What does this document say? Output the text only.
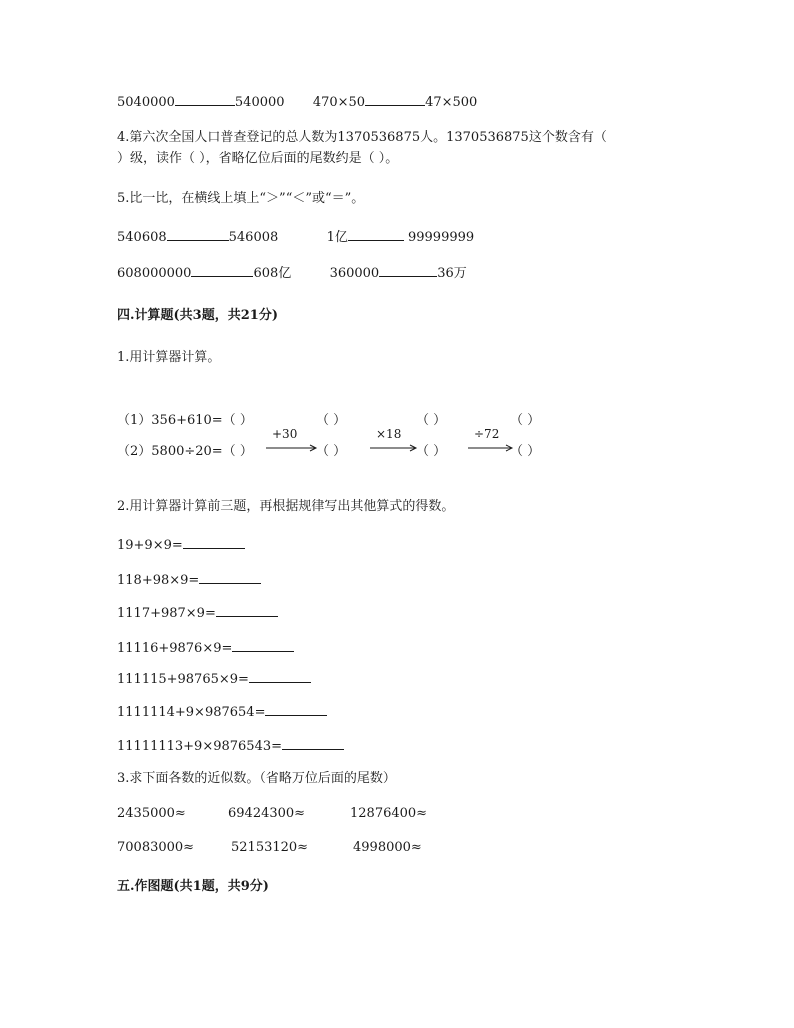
5040000	540000 470×50	47×500
4.第六次全国人口普查登记的总人数为1370536875人。1370536875这个数含有（
）级，读作（ ），省略亿位后面的尾数约是（ ）。
5.比一比，在横线上填上“＞”“＜”或“＝”。
540608	546008	1亿	99999999
608000000	608亿	360000	36万
四.计算题(共3题，共21分)
1.用计算器计算。
（1）356+610=（ ）	（ ）	（ ）	（ ）
（2）5800÷20=（ ）	（ ）	（ ）	（ ）
+30	×18	÷72
2.用计算器计算前三题，再根据规律写出其他算式的得数。
19+9×9=
118+98×9=
1117+987×9=
11116+9876×9=
111115+98765×9=
1111114+9×987654=
11111113+9×9876543=
3.求下面各数的近似数。（省略万位后面的尾数）
2435000≈	69424300≈	12876400≈
70083000≈	52153120≈	4998000≈
五.作图题(共1题，共9分)
